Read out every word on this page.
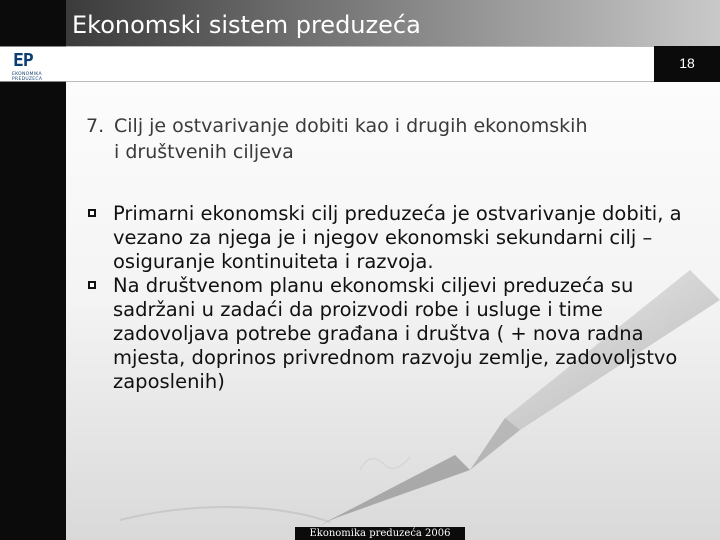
Ekonomski sistem preduzeća
EP
EKONOMIKA PREDUZEĆA
18
7. Cilj je ostvarivanje dobiti kao i drugih ekonomskih
i društvenih ciljeva
Primarni ekonomski cilj preduzeća je ostvarivanje dobiti, a vezano za njega je i njegov ekonomski sekundarni cilj – osiguranje kontinuiteta i razvoja.
Na društvenom planu ekonomski ciljevi preduzeća su sadržani u zadaći da proizvodi robe i usluge i time zadovoljava potrebe građana i društva ( + nova radna mjesta, doprinos privrednom razvoju zemlje, zadovoljstvo zaposlenih)
Ekonomika preduzeća 2006
